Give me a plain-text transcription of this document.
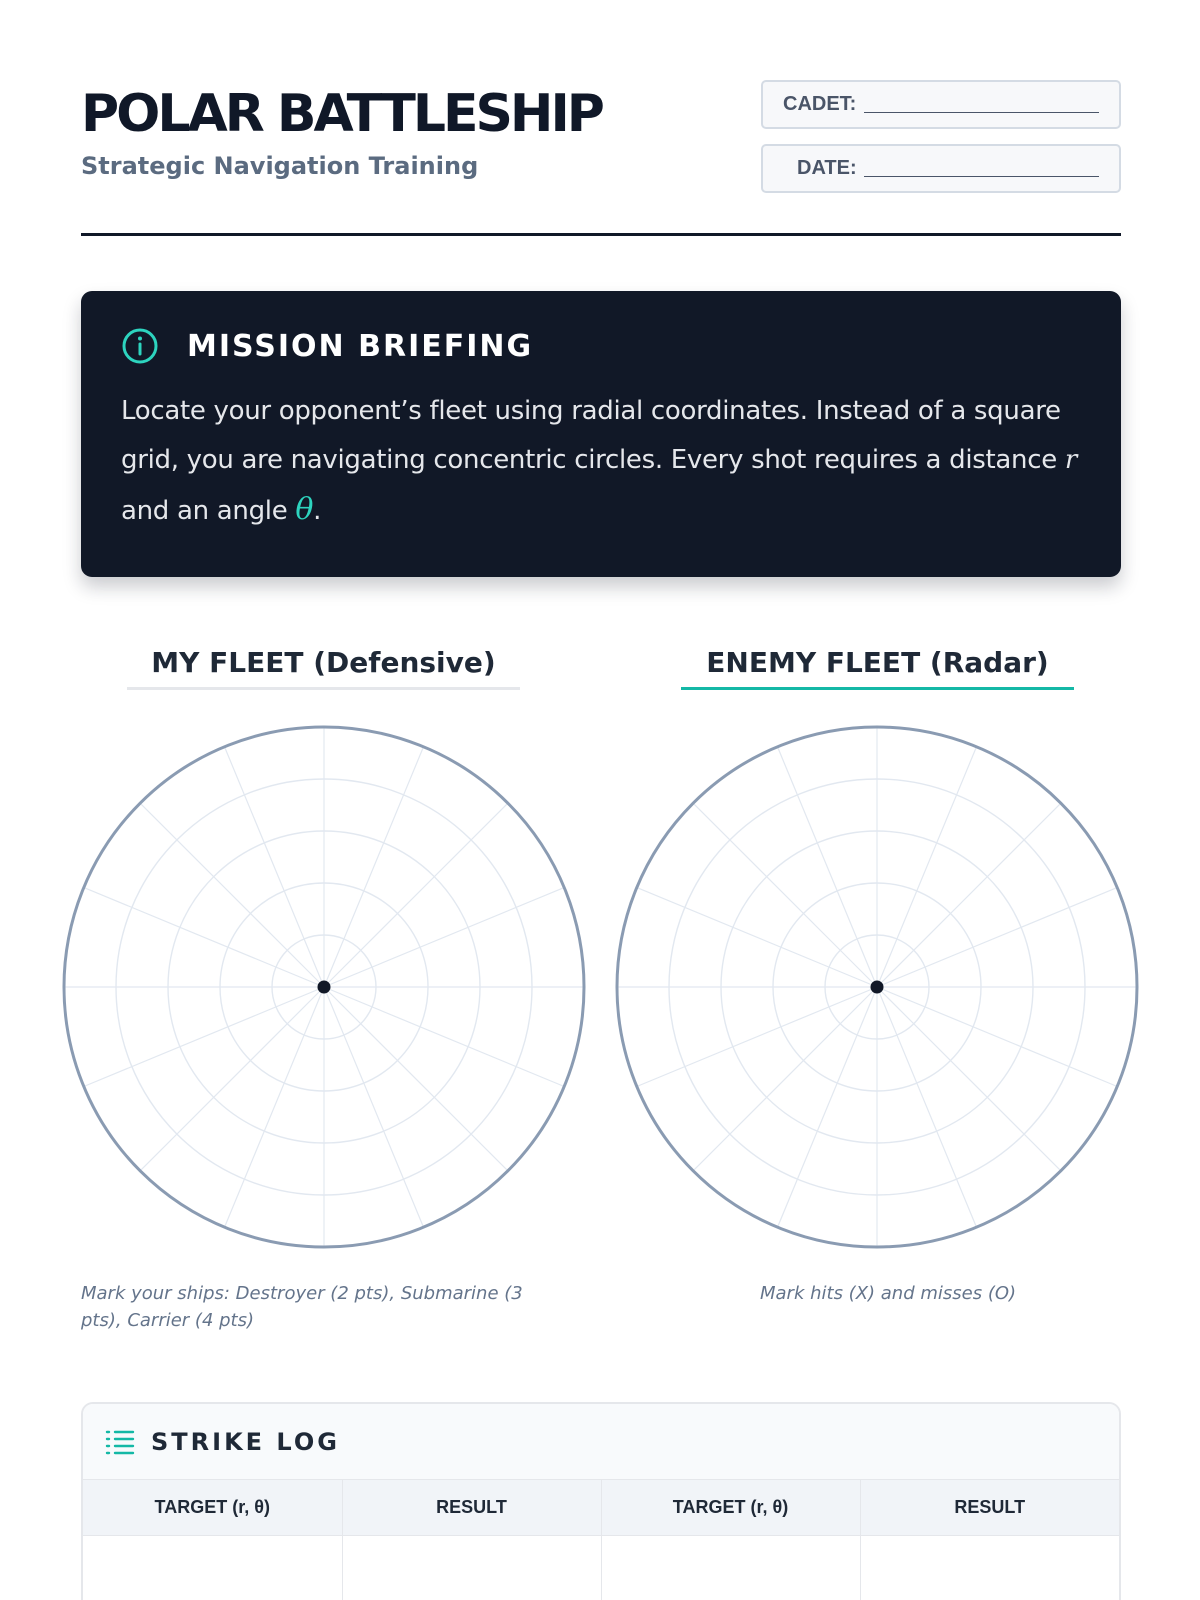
POLAR BATTLESHIP
Strategic Navigation Training
CADET:
DATE:
MISSION BRIEFING

Locate your opponent’s fleet using radial coordinates. Instead of a square grid, you are navigating concentric circles. Every shot requires a distance r and an angle θ.

MY FLEET (Defensive)	ENEMY FLEET (Radar)

Mark your ships: Destroyer (2 pts), Submarine (3 pts), Carrier (4 pts)

Mark hits (X) and misses (O)

STRIKE LOG
TARGET (r, θ)	RESULT	TARGET (r, θ)	RESULT
